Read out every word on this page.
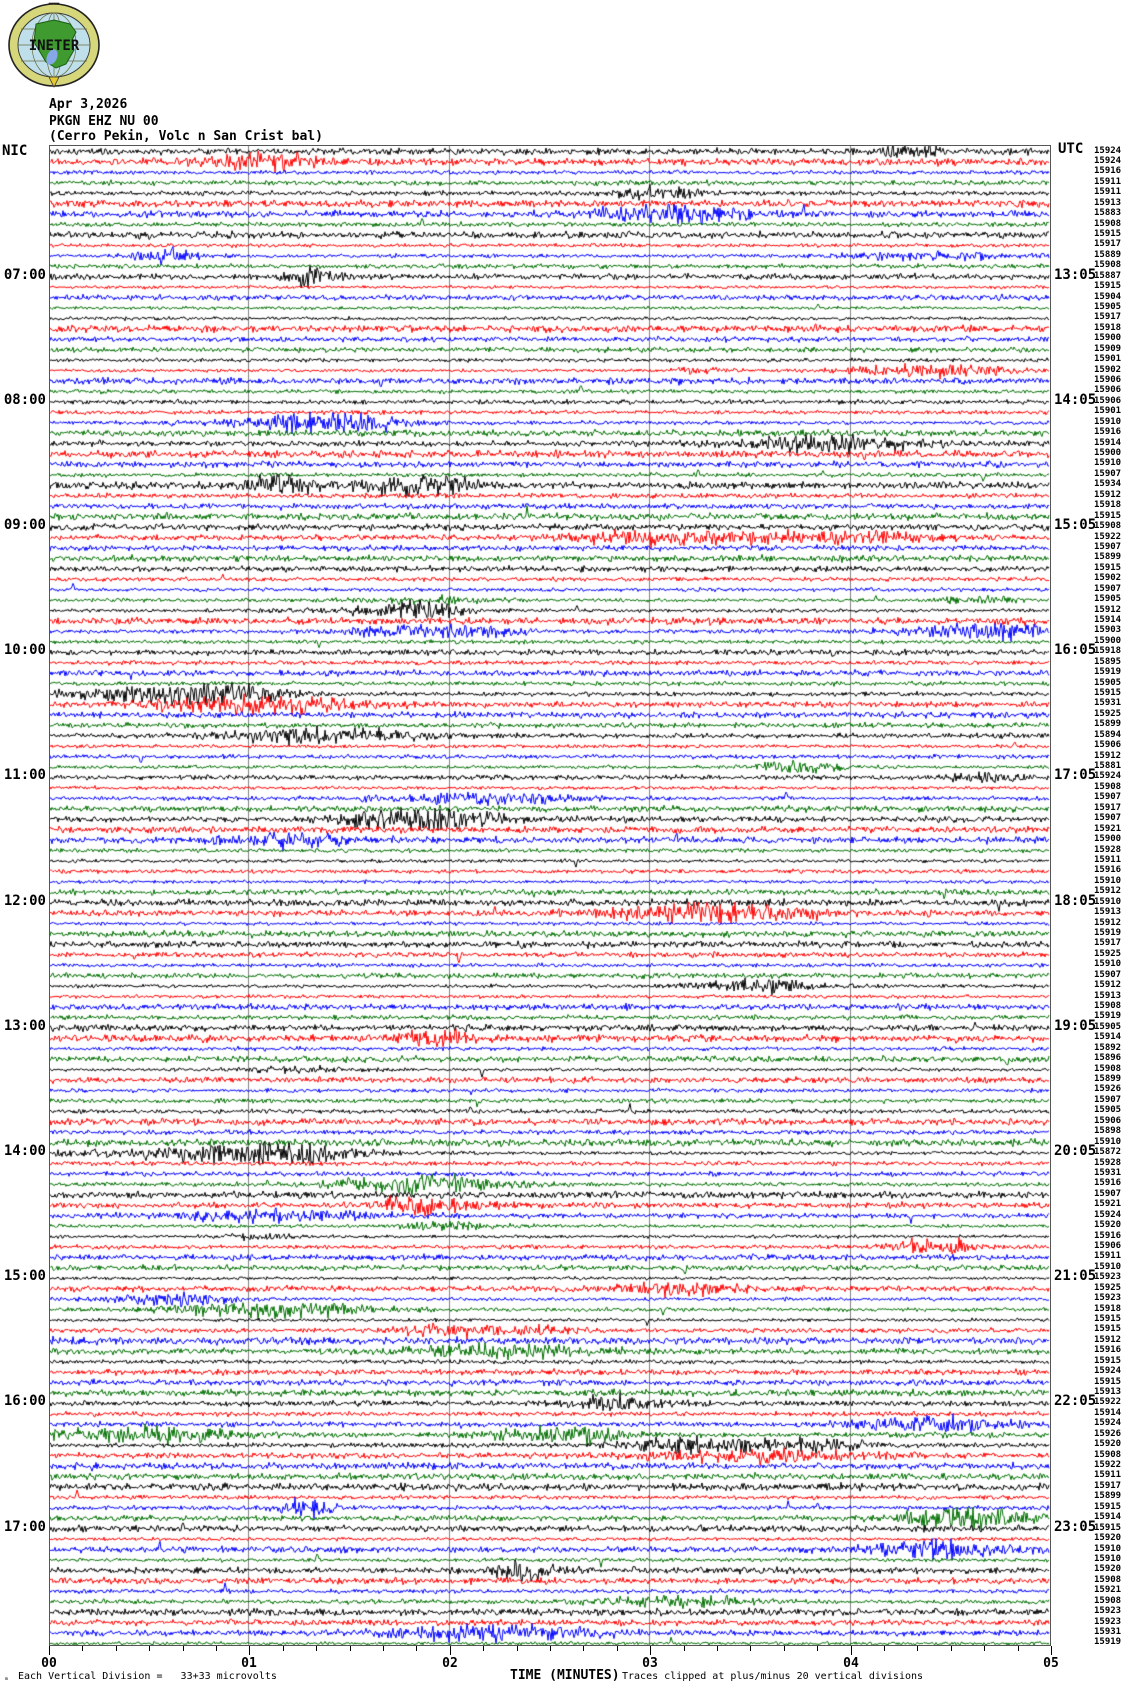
INETER
Apr 3,2026
PKGN EHZ NU 00
(Cerro Pekin, Volc n San Crist bal)
NIC	UTC
07:00	13:05
08:00	14:05
09:00	15:05
10:00	16:05
11:00	17:05
12:00	18:05
13:00	19:05
14:00	20:05
15:00	21:05
16:00	22:05
17:00	23:05
15924
15924
15916
15911
15911
15913
15883
15908
15915
15917
15889
15908
15887
15915
15904
15905
15917
15918
15900
15909
15901
15902
15906
15906
15906
15901
15910
15916
15914
15900
15910
15907
15934
15912
15918
15915
15908
15922
15907
15899
15915
15902
15907
15905
15912
15914
15903
15900
15918
15895
15919
15905
15915
15931
15925
15899
15894
15906
15912
15881
15924
15908
15907
15917
15907
15921
15900
15928
15911
15916
15910
15912
15910
15913
15912
15919
15917
15925
15910
15907
15912
15913
15908
15919
15905
15914
15892
15896
15908
15899
15926
15907
15905
15906
15898
15910
15872
15928
15931
15916
15907
15921
15924
15920
15916
15906
15911
15910
15923
15925
15923
15918
15915
15915
15912
15916
15915
15924
15915
15913
15922
15914
15924
15926
15920
15908
15922
15911
15917
15899
15915
15914
15915
15920
15910
15910
15920
15908
15921
15908
15923
15923
15931
15919
00	01	02	03	04	05
TIME (MINUTES)
ₘ Each Vertical Division =   33+33 microvolts	Traces clipped at plus/minus 20 vertical divisions
